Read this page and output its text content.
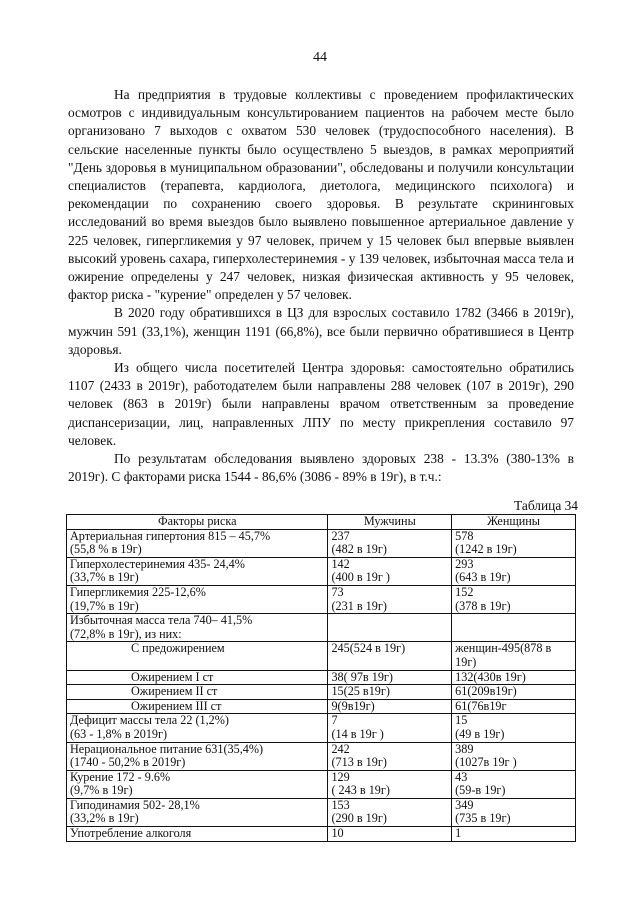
44

На предприятия в трудовые коллективы с проведением профилактических осмотров с индивидуальным консультированием пациентов на рабочем месте было организовано 7 выходов с охватом 530 человек (трудоспособного населения). В сельские населенные пункты было осуществлено 5 выездов, в рамках мероприятий "День здоровья в муниципальном образовании", обследованы и получили консультации специалистов (терапевта, кардиолога, диетолога, медицинского психолога) и рекомендации по сохранению своего здоровья. В результате скрининговых исследований во время выездов было выявлено повышенное артериальное давление у 225 человек, гипергликемия у 97 человек, причем у 15 человек был впервые выявлен высокий уровень сахара, гиперхолестеринемия - у 139 человек, избыточная масса тела и ожирение определены у 247 человек, низкая физическая активность у 95 человек, фактор риска - "курение" определен у 57 человек.

В 2020 году обратившихся в ЦЗ для взрослых составило 1782 (3466 в 2019г), мужчин 591 (33,1%), женщин 1191 (66,8%), все были первично обратившиеся в Центр здоровья.

Из общего числа посетителей Центра здоровья: самостоятельно обратились 1107 (2433 в 2019г), работодателем были направлены 288 человек (107 в 2019г), 290 человек (863 в 2019г) были направлены врачом ответственным за проведение диспансеризации, лиц, направленных ЛПУ по месту прикрепления составило 97 человек.

По результатам обследования выявлено здоровых 238 - 13.3% (380-13% в 2019г). С факторами риска 1544 - 86,6% (3086 - 89% в 19г), в т.ч.:

Таблица 34
Факторы риска	Мужчины	Женщины

Артериальная гипертония 815 – 45,7%
(55,8 % в 19г)	237
(482 в 19г)	578
(1242 в 19г)

Гиперхолестеринемия 435- 24,4%
(33,7% в 19г)	142
(400 в 19г )	293
(643 в 19г)

Гипергликемия 225-12,6%
(19,7% в 19г)	73
(231 в 19г)	152
(378 в 19г)

Избыточная масса тела 740– 41,5%
(72,8% в 19г), из них:		

С предожирением	245(524 в 19г)	женщин-495(878 в
19г)

Ожирением I ст	38( 97в 19г)	132(430в 19г)

Ожирением II ст	15(25 в19г)	61(209в19г)

Ожирением III ст	9(9в19г)	61(76в19г

Дефицит массы тела 22 (1,2%)
(63 - 1,8% в 2019г)	7
(14 в 19г )	15
(49 в 19г)

Нерациональное питание 631(35,4%)
(1740 - 50,2% в 2019г)	242
(713 в 19г)	389
(1027в 19г )

Курение 172 - 9.6%
(9,7% в 19г)	129
( 243 в 19г)	43
(59-в 19г)

Гиподинамия 502- 28,1%
(33,2% в 19г)	153
(290 в 19г)	349
(735 в 19г)

Употребление алкоголя	10	1
